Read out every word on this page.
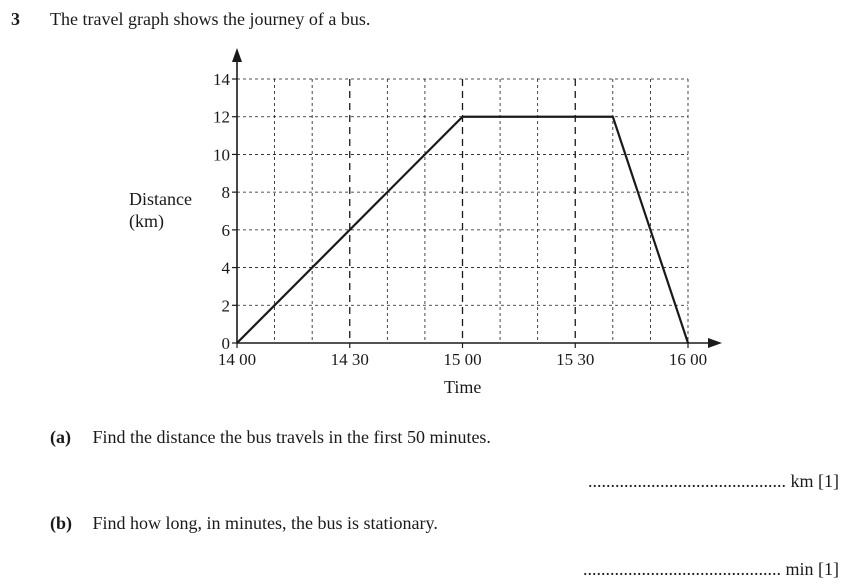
3 The travel graph shows the journey of a bus.
0
2
4
6
8
10
12
14
14 00	14 30	15 00	15 30	16 00
Distance
(km)
Time
(a) Find the distance the bus travels in the first 50 minutes.
............................................ km [1]
(b) Find how long, in minutes, the bus is stationary.
............................................ min [1]
